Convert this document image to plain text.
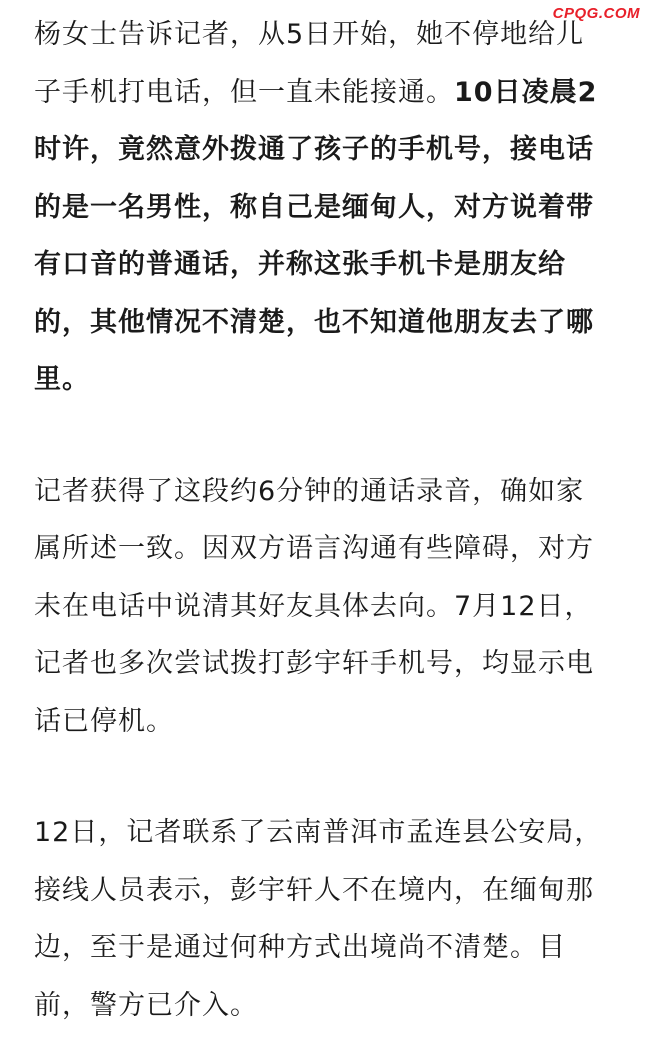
CPQG.COM

杨女士告诉记者，从5日开始，她不停地给儿
子手机打电话，但一直未能接通。10日凌晨2
时许，竟然意外拨通了孩子的手机号，接电话
的是一名男性，称自己是缅甸人，对方说着带
有口音的普通话，并称这张手机卡是朋友给
的，其他情况不清楚，也不知道他朋友去了哪
里。

记者获得了这段约6分钟的通话录音，确如家
属所述一致。因双方语言沟通有些障碍，对方
未在电话中说清其好友具体去向。7月12日，
记者也多次尝试拨打彭宇轩手机号，均显示电
话已停机。

12日，记者联系了云南普洱市孟连县公安局，
接线人员表示，彭宇轩人不在境内，在缅甸那
边，至于是通过何种方式出境尚不清楚。目
前，警方已介入。
